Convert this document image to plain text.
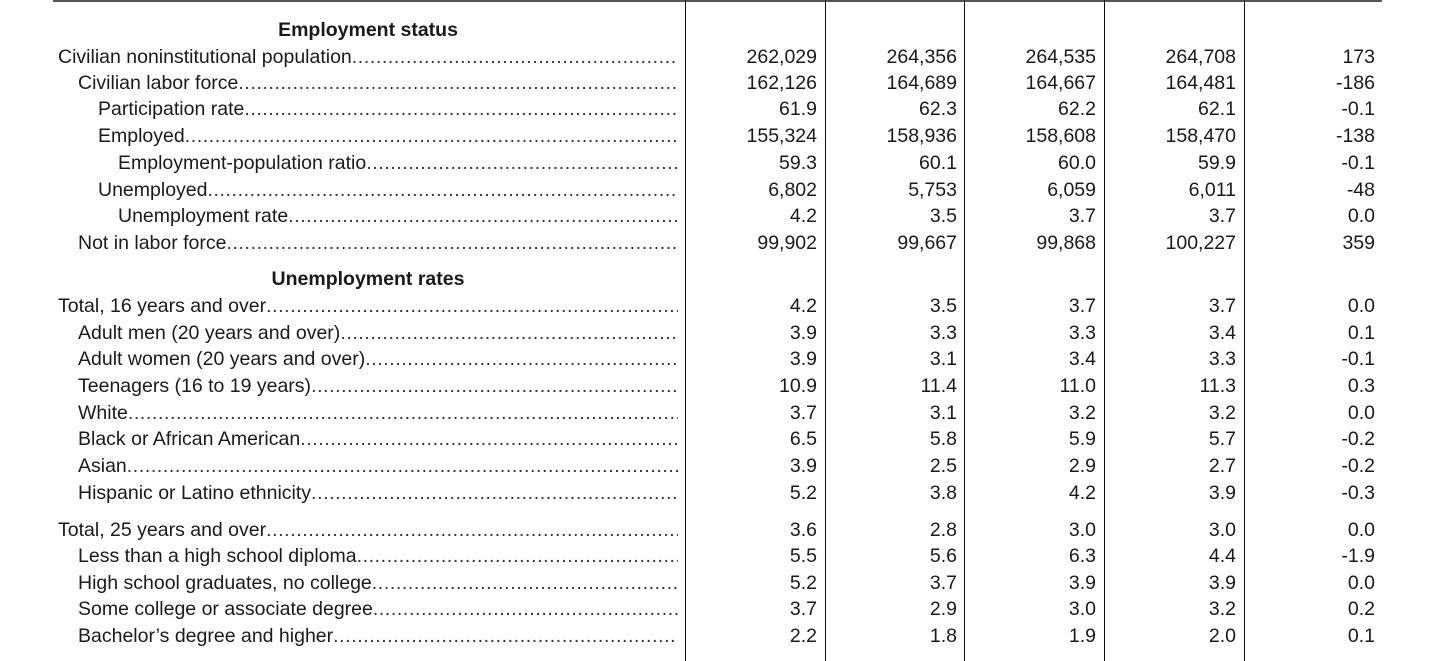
Employment status
Civilian noninstitutional population .....	262,029	264,356	264,535	264,708	173
Civilian labor force .....	162,126	164,689	164,667	164,481	-186
Participation rate .....	61.9	62.3	62.2	62.1	-0.1
Employed .....	155,324	158,936	158,608	158,470	-138
Employment-population ratio .....	59.3	60.1	60.0	59.9	-0.1
Unemployed .....	6,802	5,753	6,059	6,011	-48
Unemployment rate .....	4.2	3.5	3.7	3.7	0.0
Not in labor force .....	99,902	99,667	99,868	100,227	359
Unemployment rates
Total, 16 years and over .....	4.2	3.5	3.7	3.7	0.0
Adult men (20 years and over) .....	3.9	3.3	3.3	3.4	0.1
Adult women (20 years and over) .....	3.9	3.1	3.4	3.3	-0.1
Teenagers (16 to 19 years) .....	10.9	11.4	11.0	11.3	0.3
White .....	3.7	3.1	3.2	3.2	0.0
Black or African American .....	6.5	5.8	5.9	5.7	-0.2
Asian .....	3.9	2.5	2.9	2.7	-0.2
Hispanic or Latino ethnicity .....	5.2	3.8	4.2	3.9	-0.3
Total, 25 years and over .....	3.6	2.8	3.0	3.0	0.0
Less than a high school diploma .....	5.5	5.6	6.3	4.4	-1.9
High school graduates, no college .....	5.2	3.7	3.9	3.9	0.0
Some college or associate degree .....	3.7	2.9	3.0	3.2	0.2
Bachelor’s degree and higher .....	2.2	1.8	1.9	2.0	0.1
